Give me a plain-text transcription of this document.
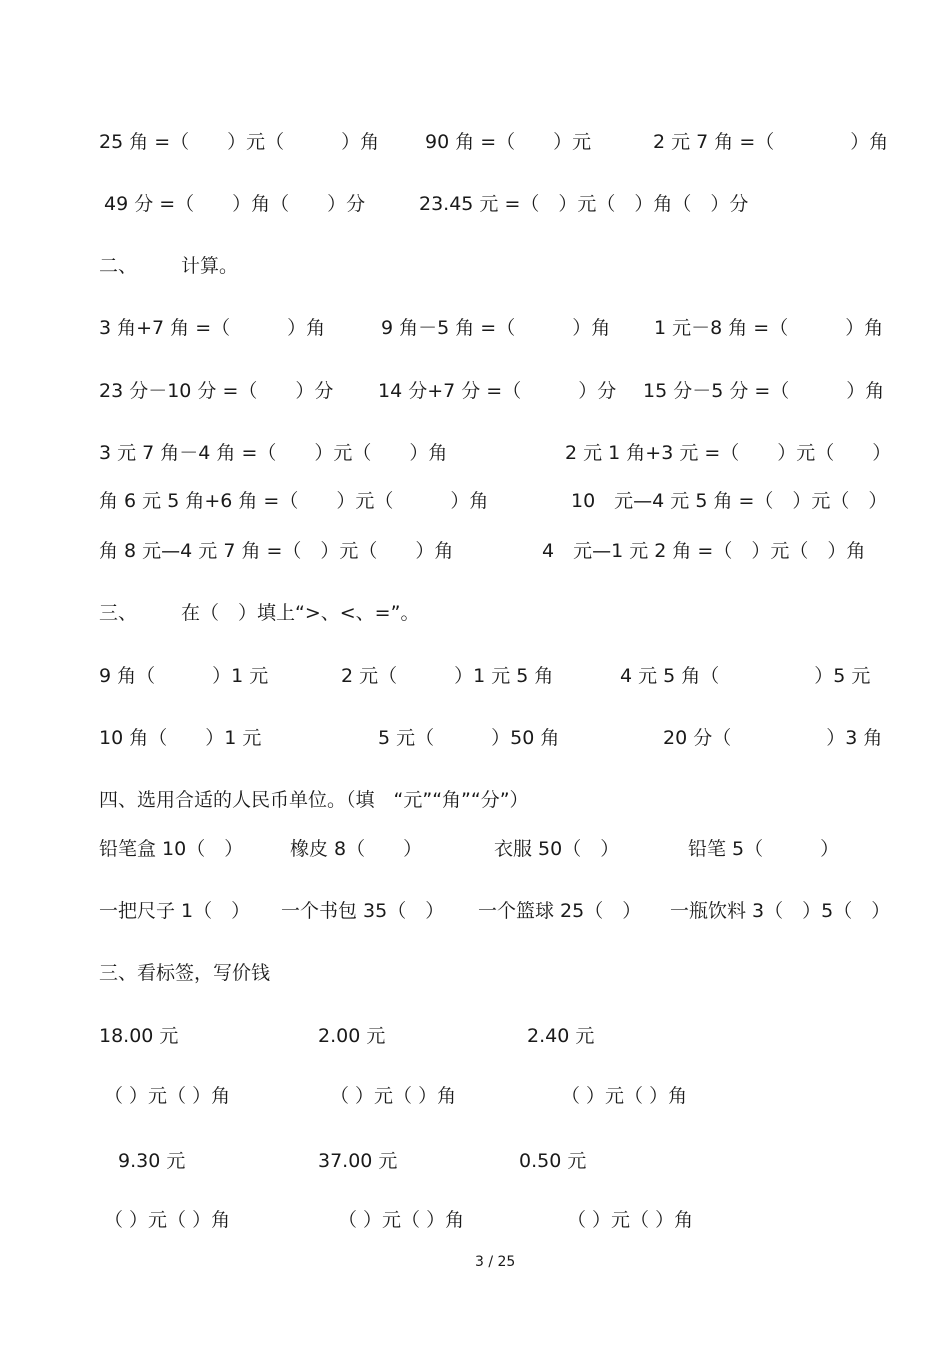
25 角 =（　　）元（　　　）角 90 角 =（　　）元	2 元 7 角 =（　　　　）角
49 分 =（　　）角（　　）分	23.45 元 =（　）元（　）角（　）分
二、 计算。
3 角+7 角 =（　　　）角	9 角－5 角 =（　　　）角 1 元－8 角 =（　　　）角
23 分－10 分 =（　　）分 14 分+7 分 =（　　　）分 15 分－5 分 =（　　　）角
3 元 7 角－4 角 =（　　）元（　　）角	2 元 1 角+3 元 =（　　）元（　　）
角 6 元 5 角+6 角 =（　　）元（　　　）角	10　元—4 元 5 角 =（　）元（　）
角 8 元—4 元 7 角 =（　）元（　　）角	4　元—1 元 2 角 =（　）元（　）角
三、 在（　）填上“>、<、=”。
9 角（　　　）1 元	2 元（　　　）1 元 5 角	4 元 5 角（　　　　　）5 元
10 角（　　）1 元	5 元（　　　）50 角	20 分（　　　　　）3 角
四、选用合适的人民币单位。（填　“元”“角”“分”）
铅笔盒 10（　） 橡皮 8（　　）	衣服 50（　）	铅笔 5（　　　）
一把尺子 1（　） 一个书包 35（　） 一个篮球 25（　） 一瓶饮料 3（　）5（　）
三、看标签，写价钱
18.00 元	2.00 元	2.40 元
（ ）元（ ）角	（ ）元（ ）角	（ ）元（ ）角
9.30 元	37.00 元	0.50 元
（ ）元（ ）角	（ ）元（ ）角	（ ）元（ ）角
3 / 25
